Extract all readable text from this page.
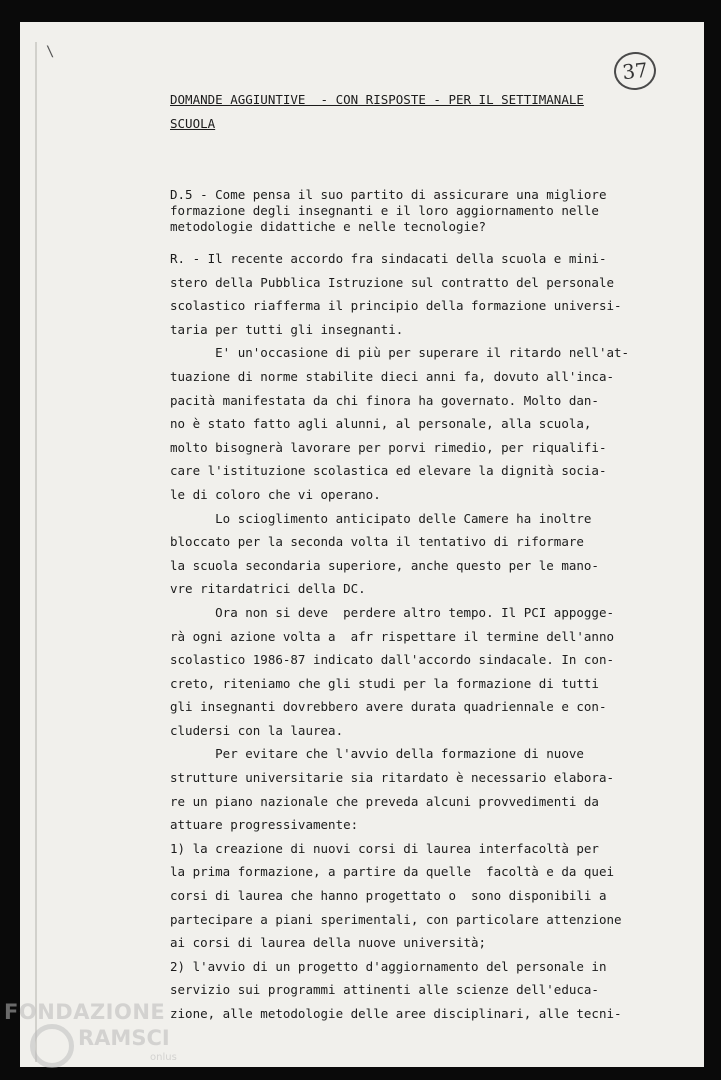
\
37
DOMANDE AGGIUNTIVE  - CON RISPOSTE - PER IL SETTIMANALE
SCUOLA
D.5 - Come pensa il suo partito di assicurare una migliore
formazione degli insegnanti e il loro aggiornamento nelle
metodologie didattiche e nelle tecnologie?
R. - Il recente accordo fra sindacati della scuola e mini-
stero della Pubblica Istruzione sul contratto del personale
scolastico riafferma il principio della formazione universi-
taria per tutti gli insegnanti.
E' un'occasione di più per superare il ritardo nell'at-
tuazione di norme stabilite dieci anni fa, dovuto all'inca-
pacità manifestata da chi finora ha governato. Molto dan-
no è stato fatto agli alunni, al personale, alla scuola,
molto bisognerà lavorare per porvi rimedio, per riqualifi-
care l'istituzione scolastica ed elevare la dignità socia-
le di coloro che vi operano.
Lo scioglimento anticipato delle Camere ha inoltre
bloccato per la seconda volta il tentativo di riformare
la scuola secondaria superiore, anche questo per le mano-
vre ritardatrici della DC.
Ora non si deve  perdere altro tempo. Il PCI appogge-
rà ogni azione volta a  afr rispettare il termine dell'anno
scolastico 1986-87 indicato dall'accordo sindacale. In con-
creto, riteniamo che gli studi per la formazione di tutti
gli insegnanti dovrebbero avere durata quadriennale e con-
cludersi con la laurea.
Per evitare che l'avvio della formazione di nuove
strutture universitarie sia ritardato è necessario elabora-
re un piano nazionale che preveda alcuni provvedimenti da
attuare progressivamente:
1) la creazione di nuovi corsi di laurea interfacoltà per
la prima formazione, a partire da quelle  facoltà e da quei
corsi di laurea che hanno progettato o  sono disponibili a
partecipare a piani sperimentali, con particolare attenzione
ai corsi di laurea della nuove università;
2) l'avvio di un progetto d'aggiornamento del personale in
servizio sui programmi attinenti alle scienze dell'educa-
zione, alle metodologie delle aree disciplinari, alle tecni-
FONDAZIONE
RAMSCI
onlus
